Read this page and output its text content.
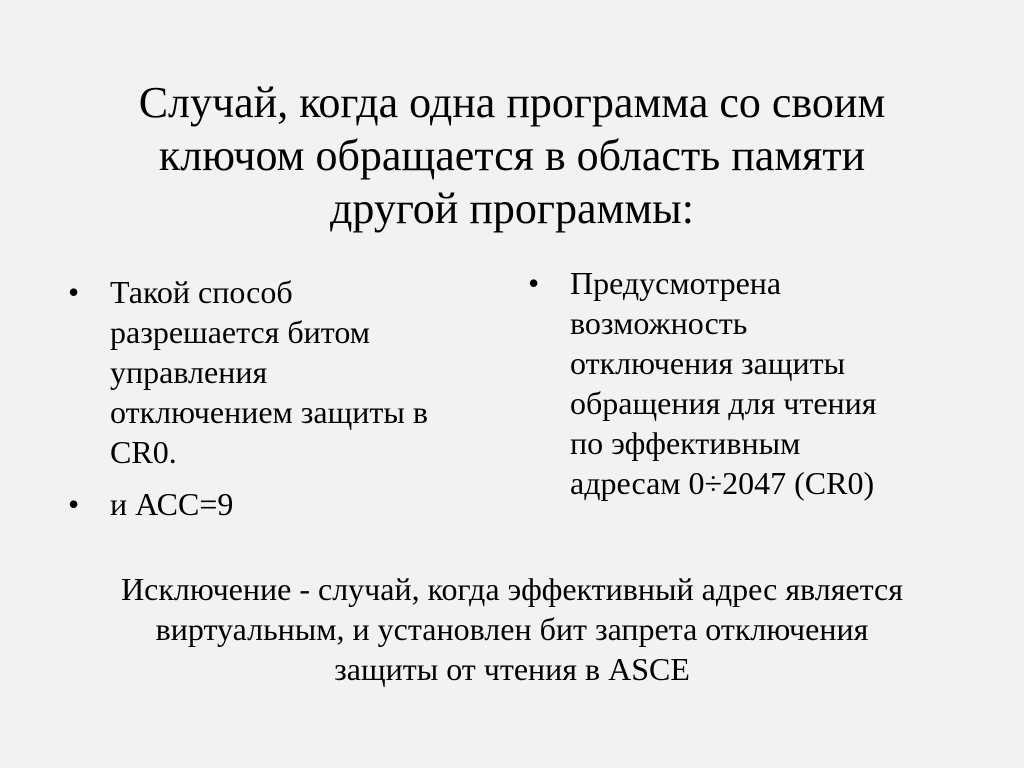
Случай, когда одна программа со своим
ключом обращается в область памяти
другой программы:
• Такой способ
разрешается битом
управления
отключением защиты в
CR0.
• и АСС=9
• Предусмотрена
возможность
отключения защиты
обращения для чтения
по эффективным
адресам 0÷2047 (CR0)
Исключение - случай, когда эффективный адрес является
виртуальным, и установлен бит запрета отключения
защиты от чтения в ASCE
